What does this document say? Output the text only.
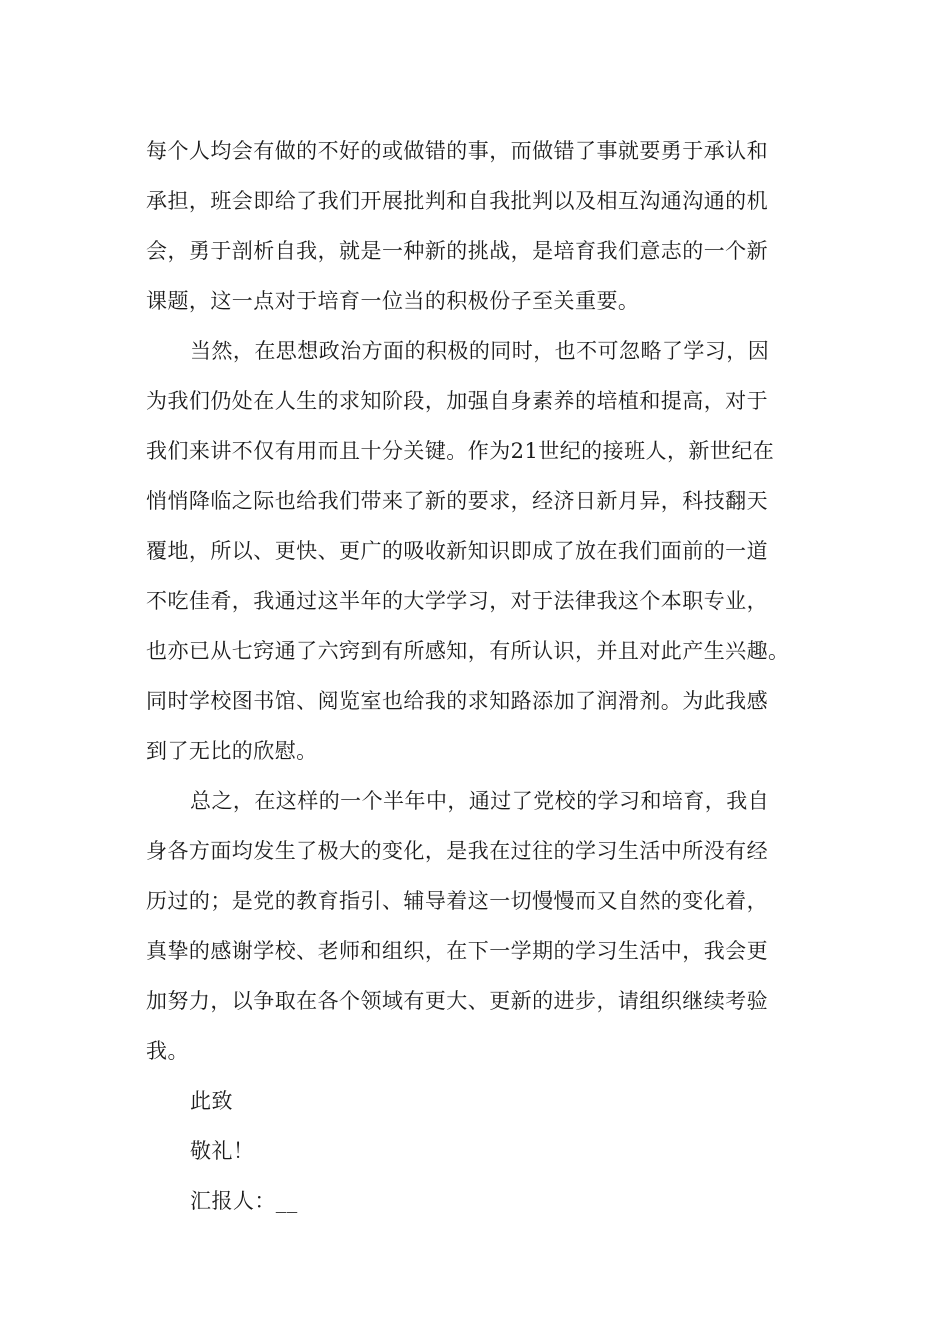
每个人均会有做的不好的或做错的事，而做错了事就要勇于承认和
承担，班会即给了我们开展批判和自我批判以及相互沟通沟通的机
会，勇于剖析自我，就是一种新的挑战，是培育我们意志的一个新
课题，这一点对于培育一位当的积极份子至关重要。
当然，在思想政治方面的积极的同时，也不可忽略了学习，因
为我们仍处在人生的求知阶段，加强自身素养的培植和提高，对于
我们来讲不仅有用而且十分关键。作为21世纪的接班人，新世纪在
悄悄降临之际也给我们带来了新的要求，经济日新月异，科技翻天
覆地，所以、更快、更广的吸收新知识即成了放在我们面前的一道
不吃佳肴，我通过这半年的大学学习，对于法律我这个本职专业，
也亦已从七窍通了六窍到有所感知，有所认识，并且对此产生兴趣。
同时学校图书馆、阅览室也给我的求知路添加了润滑剂。为此我感
到了无比的欣慰。
总之，在这样的一个半年中，通过了党校的学习和培育，我自
身各方面均发生了极大的变化，是我在过往的学习生活中所没有经
历过的；是党的教育指引、辅导着这一切慢慢而又自然的变化着，
真挚的感谢学校、老师和组织，在下一学期的学习生活中，我会更
加努力，以争取在各个领域有更大、更新的进步，请组织继续考验
我。
此致
敬礼！
汇报人：__
